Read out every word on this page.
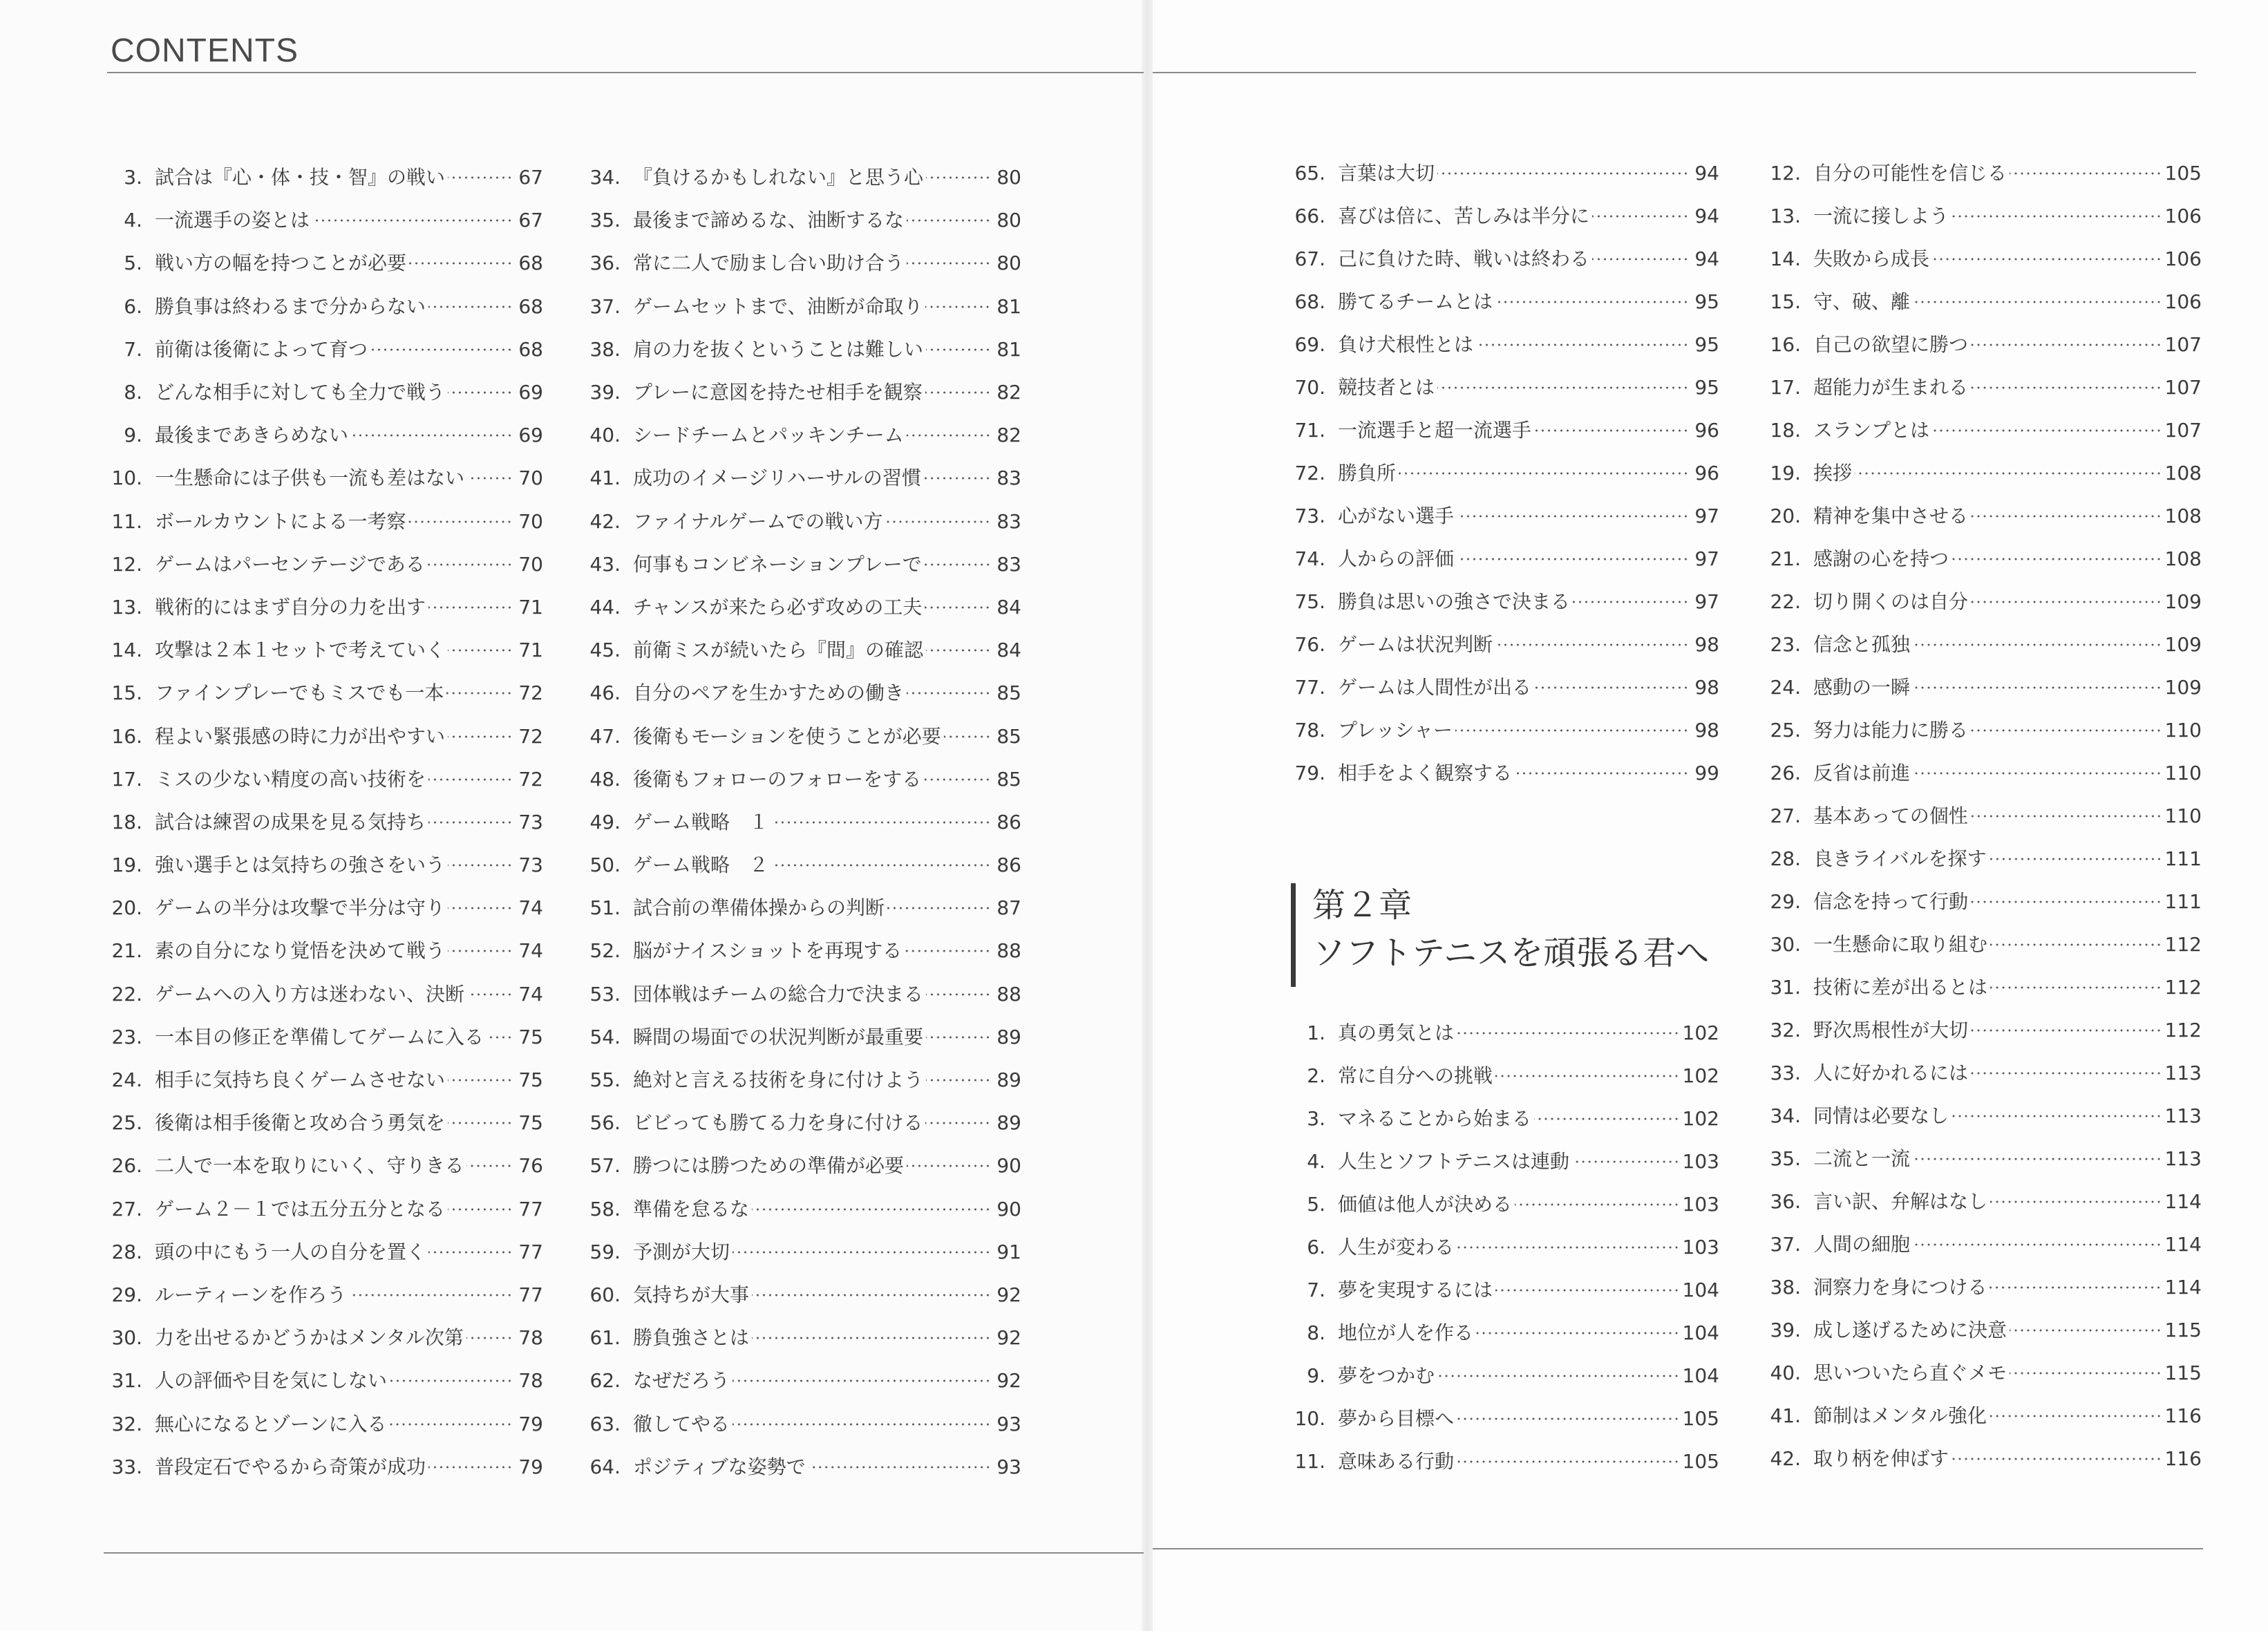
CONTENTS
3. 試合は『心・体・技・智』の戦い	67
4. 一流選手の姿とは	67
5. 戦い方の幅を持つことが必要	68
6. 勝負事は終わるまで分からない	68
7. 前衛は後衛によって育つ	68
8. どんな相手に対しても全力で戦う	69
9. 最後まであきらめない	69
10. 一生懸命には子供も一流も差はない	70
11. ボールカウントによる一考察	70
12. ゲームはパーセンテージである	70
13. 戦術的にはまず自分の力を出す	71
14. 攻撃は２本１セットで考えていく	71
15. ファインプレーでもミスでも一本	72
16. 程よい緊張感の時に力が出やすい	72
17. ミスの少ない精度の高い技術を	72
18. 試合は練習の成果を見る気持ち	73
19. 強い選手とは気持ちの強さをいう	73
20. ゲームの半分は攻撃で半分は守り	74
21. 素の自分になり覚悟を決めて戦う	74
22. ゲームへの入り方は迷わない、決断	74
23. 一本目の修正を準備してゲームに入る 75
24. 相手に気持ち良くゲームさせない	75
25. 後衛は相手後衛と攻め合う勇気を	75
26. 二人で一本を取りにいく、守りきる	76
27. ゲーム２－１では五分五分となる	77
28. 頭の中にもう一人の自分を置く	77
29. ルーティーンを作ろう	77
30. 力を出せるかどうかはメンタル次第	78
31. 人の評価や目を気にしない	78
32. 無心になるとゾーンに入る	79
33. 普段定石でやるから奇策が成功	79
34. 『負けるかもしれない』と思う心	80
35. 最後まで諦めるな、油断するな	80
36. 常に二人で励まし合い助け合う	80
37. ゲームセットまで、油断が命取り	81
38. 肩の力を抜くということは難しい	81
39. プレーに意図を持たせ相手を観察	82
40. シードチームとパッキンチーム	82
41. 成功のイメージリハーサルの習慣	83
42. ファイナルゲームでの戦い方	83
43. 何事もコンビネーションプレーで	83
44. チャンスが来たら必ず攻めの工夫	84
45. 前衛ミスが続いたら『間』の確認	84
46. 自分のペアを生かすための働き	85
47. 後衛もモーションを使うことが必要	85
48. 後衛もフォローのフォローをする	85
49. ゲーム戦略　１	86
50. ゲーム戦略　２	86
51. 試合前の準備体操からの判断	87
52. 脳がナイスショットを再現する	88
53. 団体戦はチームの総合力で決まる	88
54. 瞬間の場面での状況判断が最重要	89
55. 絶対と言える技術を身に付けよう	89
56. ビビっても勝てる力を身に付ける	89
57. 勝つには勝つための準備が必要	90
58. 準備を怠るな	90
59. 予測が大切	91
60. 気持ちが大事	92
61. 勝負強さとは	92
62. なぜだろう	92
63. 徹してやる	93
64. ポジティブな姿勢で	93
65. 言葉は大切	94
66. 喜びは倍に、苦しみは半分に	94
67. 己に負けた時、戦いは終わる	94
68. 勝てるチームとは	95
69. 負け犬根性とは	95
70. 競技者とは	95
71. 一流選手と超一流選手	96
72. 勝負所	96
73. 心がない選手	97
74. 人からの評価	97
75. 勝負は思いの強さで決まる	97
76. ゲームは状況判断	98
77. ゲームは人間性が出る	98
78. プレッシャー	98
79. 相手をよく観察する	99
12. 自分の可能性を信じる	105
13. 一流に接しよう	106
14. 失敗から成長	106
15. 守、破、離	106
16. 自己の欲望に勝つ	107
17. 超能力が生まれる	107
18. スランプとは	107
19. 挨拶	108
20. 精神を集中させる	108
21. 感謝の心を持つ	108
22. 切り開くのは自分	109
23. 信念と孤独	109
24. 感動の一瞬	109
25. 努力は能力に勝る	110
26. 反省は前進	110
27. 基本あっての個性	110
28. 良きライバルを探す	111
29. 信念を持って行動	111
30. 一生懸命に取り組む	112
31. 技術に差が出るとは	112
32. 野次馬根性が大切	112
33. 人に好かれるには	113
34. 同情は必要なし	113
35. 二流と一流	113
36. 言い訳、弁解はなし	114
37. 人間の細胞	114
38. 洞察力を身につける	114
39. 成し遂げるために決意	115
40. 思いついたら直ぐメモ	115
41. 節制はメンタル強化	116
42. 取り柄を伸ばす	116
第２章
ソフトテニスを頑張る君へ
1. 真の勇気とは	102
2. 常に自分への挑戦	102
3. マネることから始まる	102
4. 人生とソフトテニスは連動	103
5. 価値は他人が決める	103
6. 人生が変わる	103
7. 夢を実現するには	104
8. 地位が人を作る	104
9. 夢をつかむ	104
10. 夢から目標へ	105
11. 意味ある行動	105
